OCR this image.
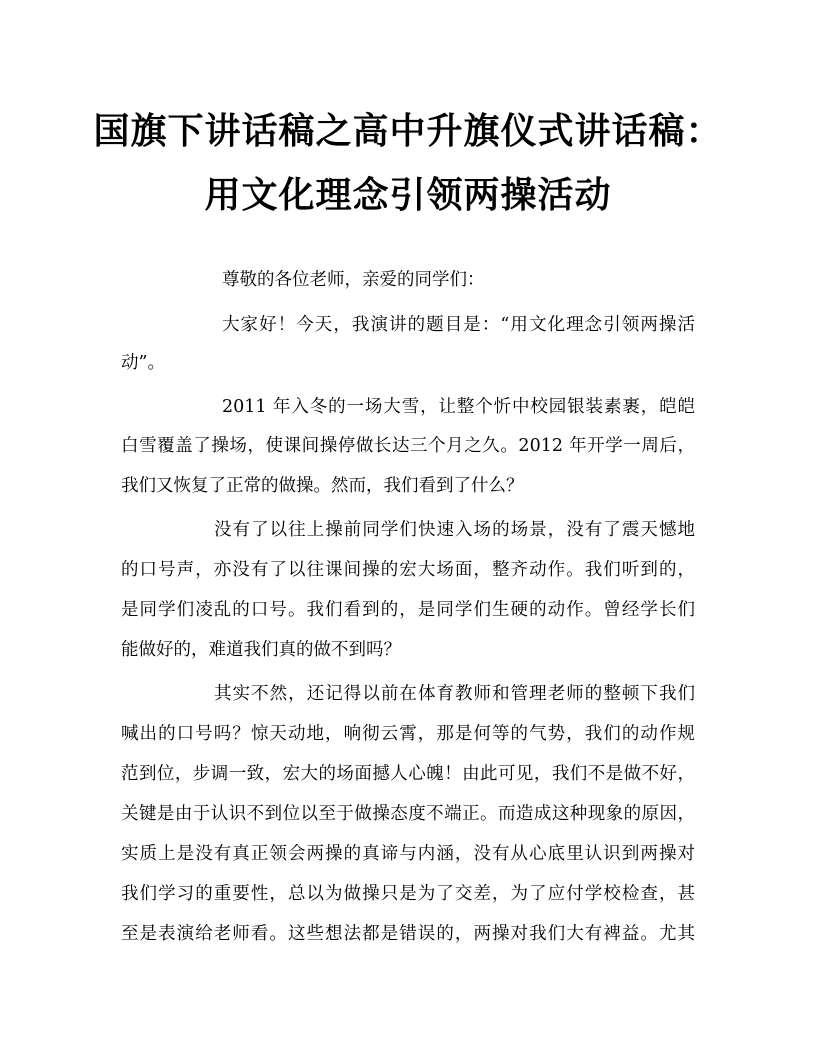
国旗下讲话稿之高中升旗仪式讲话稿：
用文化理念引领两操活动
尊敬的各位老师，亲爱的同学们：
大家好！今天，我演讲的题目是：“用文化理念引领两操活
动”。
2011 年入冬的一场大雪，让整个忻中校园银装素裹，皑皑
白雪覆盖了操场，使课间操停做长达三个月之久。2012 年开学一周后，
我们又恢复了正常的做操。然而，我们看到了什么？
没有了以往上操前同学们快速入场的场景，没有了震天憾地
的口号声，亦没有了以往课间操的宏大场面，整齐动作。我们听到的，
是同学们凌乱的口号。我们看到的，是同学们生硬的动作。曾经学长们
能做好的，难道我们真的做不到吗？
其实不然，还记得以前在体育教师和管理老师的整顿下我们
喊出的口号吗？惊天动地，响彻云霄，那是何等的气势，我们的动作规
范到位，步调一致，宏大的场面撼人心魄！由此可见，我们不是做不好，
关键是由于认识不到位以至于做操态度不端正。而造成这种现象的原因，
实质上是没有真正领会两操的真谛与内涵，没有从心底里认识到两操对
我们学习的重要性，总以为做操只是为了交差，为了应付学校检查，甚
至是表演给老师看。这些想法都是错误的，两操对我们大有裨益。尤其
